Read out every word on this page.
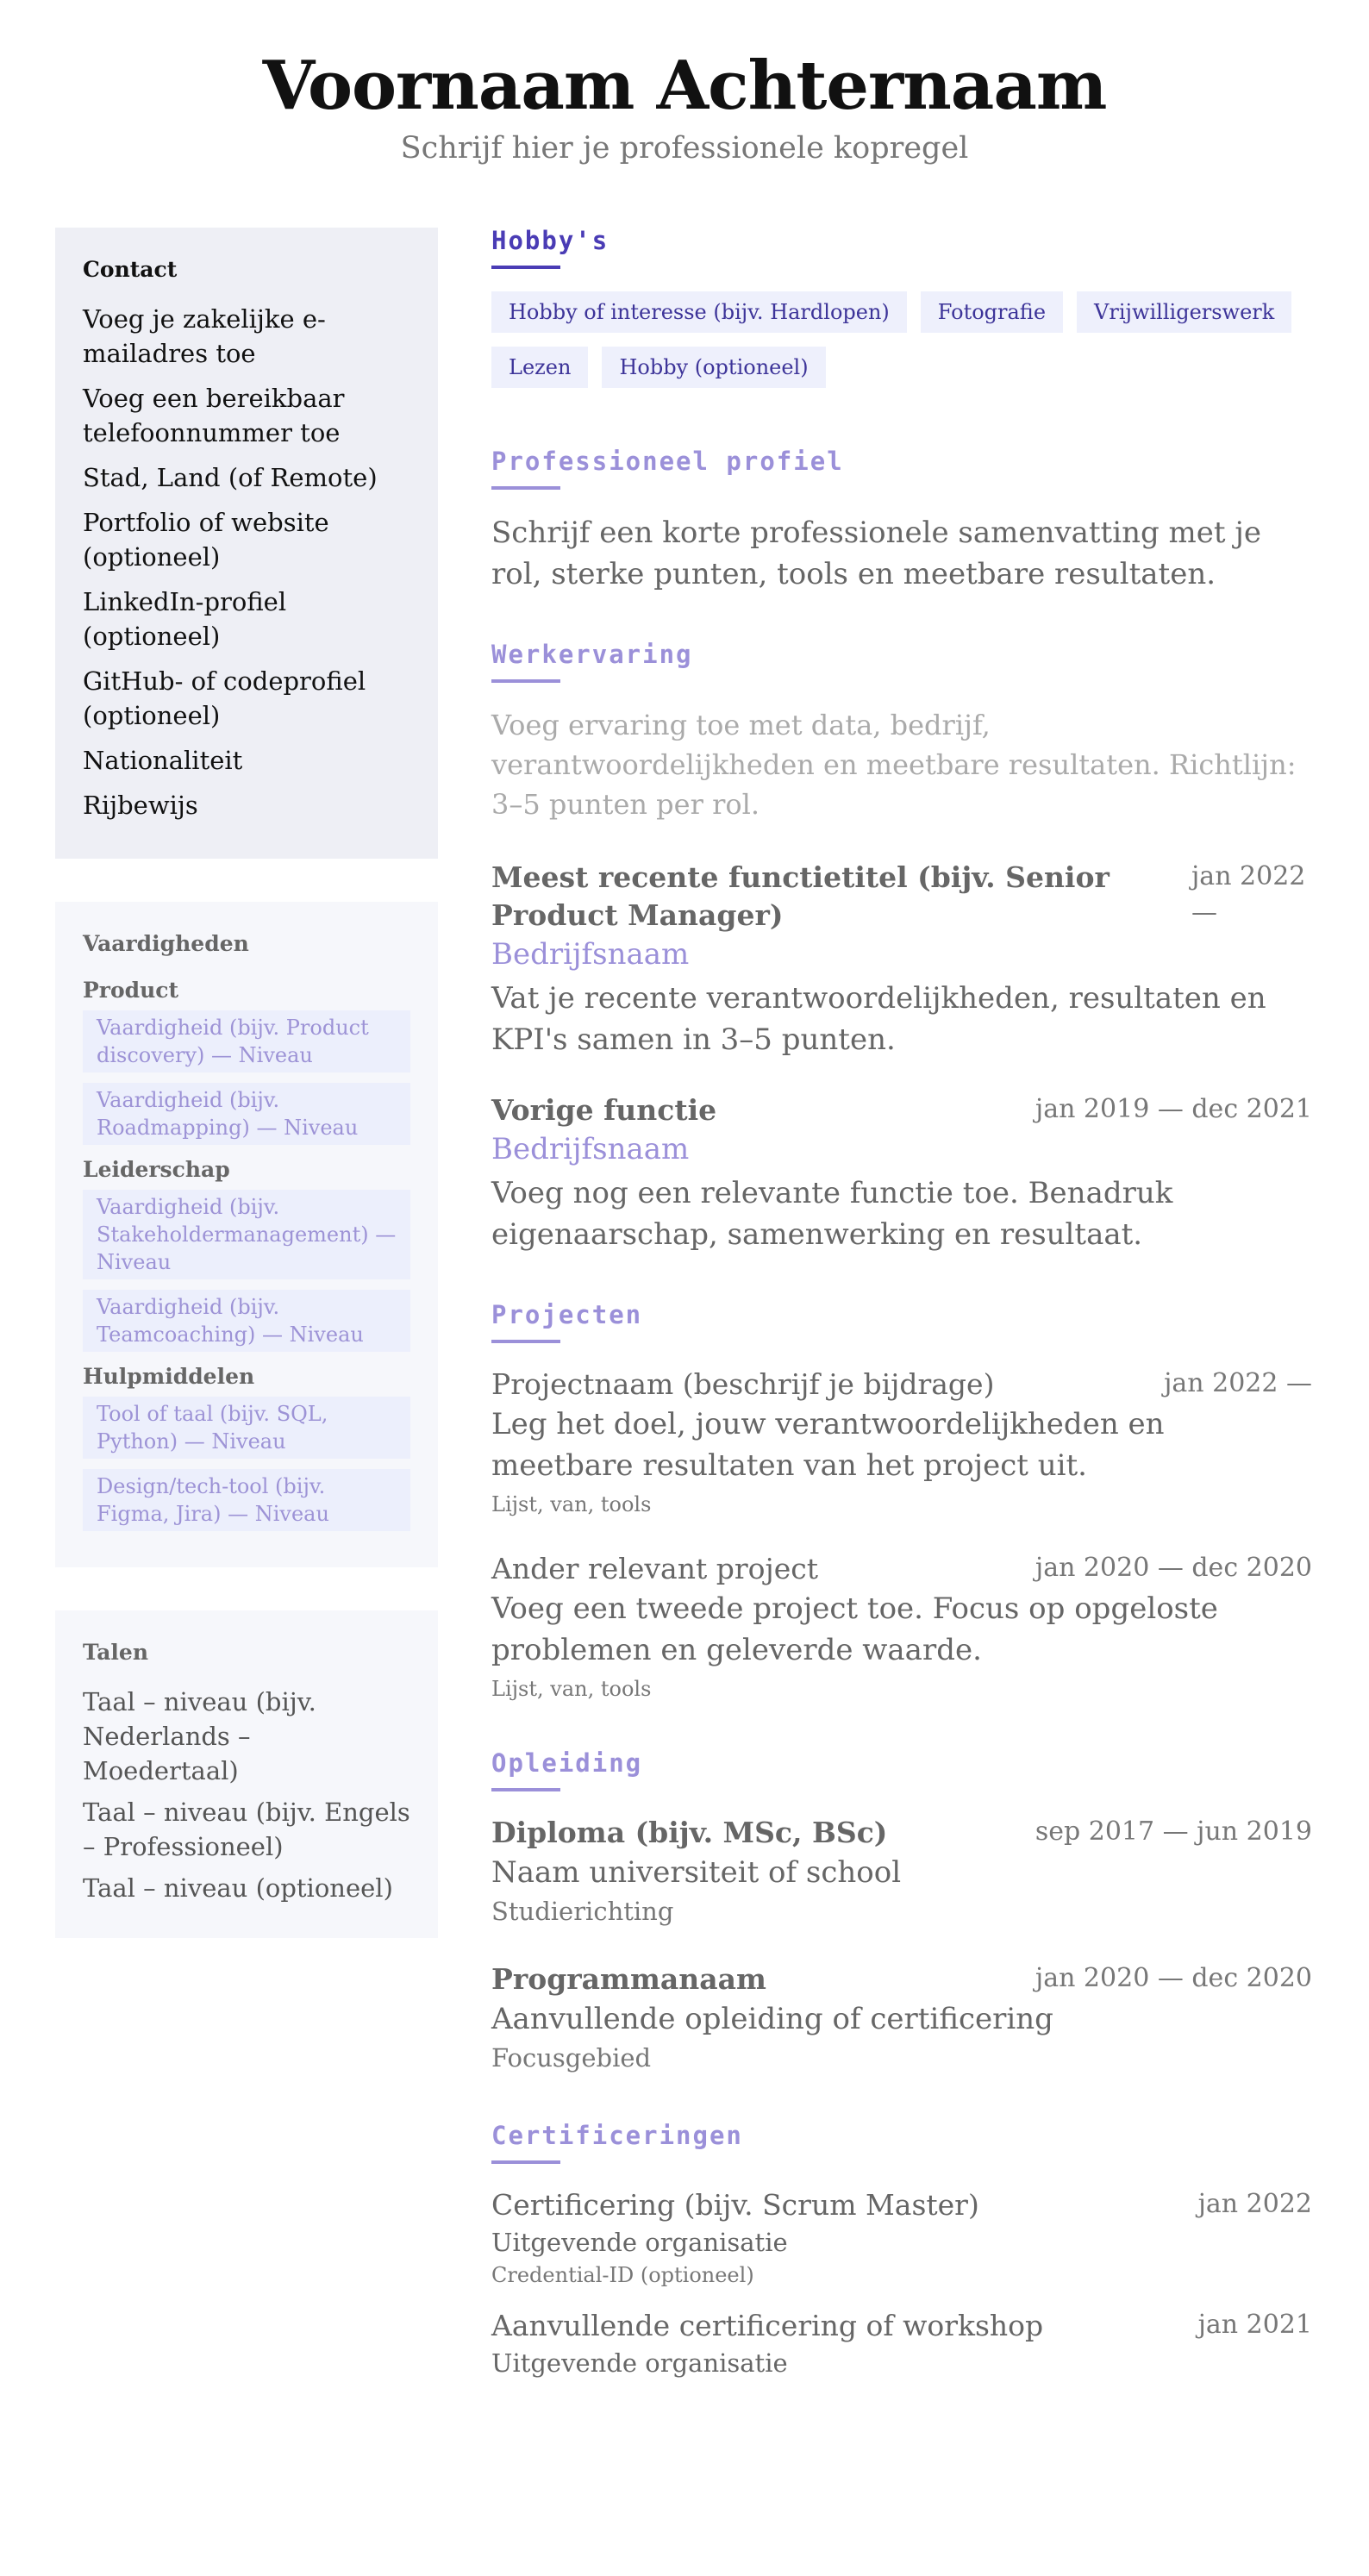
Voornaam Achternaam
Schrijf hier je professionele kopregel
Contact
Voeg je zakelijke e-mailadres toe
Voeg een bereikbaar telefoonnummer toe
Stad, Land (of Remote)
Portfolio of website (optioneel)
LinkedIn-profiel (optioneel)
GitHub- of codeprofiel (optioneel)
Nationaliteit
Rijbewijs
Vaardigheden
Product
Vaardigheid (bijv. Product discovery) — Niveau
Vaardigheid (bijv. Roadmapping) — Niveau
Leiderschap
Vaardigheid (bijv. Stakeholdermanagement) — Niveau
Vaardigheid (bijv. Teamcoaching) — Niveau
Hulpmiddelen
Tool of taal (bijv. SQL, Python) — Niveau
Design/tech-tool (bijv. Figma, Jira) — Niveau
Talen
Taal – niveau (bijv. Nederlands – Moedertaal)
Taal – niveau (bijv. Engels – Professioneel)
Taal – niveau (optioneel)
Hobby's
Hobby of interesse (bijv. Hardlopen)	Fotografie	Vrijwilligerswerk
Lezen	Hobby (optioneel)
Professioneel profiel
Schrijf een korte professionele samenvatting met je rol, sterke punten, tools en meetbare resultaten.
Werkervaring
Voeg ervaring toe met data, bedrijf, verantwoordelijkheden en meetbare resultaten. Richtlijn: 3–5 punten per rol.
Meest recente functietitel (bijv. Senior Product Manager)
jan 2022 —
Bedrijfsnaam
Vat je recente verantwoordelijkheden, resultaten en KPI's samen in 3–5 punten.
Vorige functie	jan 2019 — dec 2021
Bedrijfsnaam
Voeg nog een relevante functie toe. Benadruk eigenaarschap, samenwerking en resultaat.
Projecten
Projectnaam (beschrijf je bijdrage)	jan 2022 —
Leg het doel, jouw verantwoordelijkheden en meetbare resultaten van het project uit.
Lijst, van, tools
Ander relevant project	jan 2020 — dec 2020
Voeg een tweede project toe. Focus op opgeloste problemen en geleverde waarde.
Lijst, van, tools
Opleiding
Diploma (bijv. MSc, BSc)	sep 2017 — jun 2019
Naam universiteit of school
Studierichting
Programmanaam	jan 2020 — dec 2020
Aanvullende opleiding of certificering
Focusgebied
Certificeringen
Certificering (bijv. Scrum Master)	jan 2022
Uitgevende organisatie
Credential-ID (optioneel)
Aanvullende certificering of workshop	jan 2021
Uitgevende organisatie
